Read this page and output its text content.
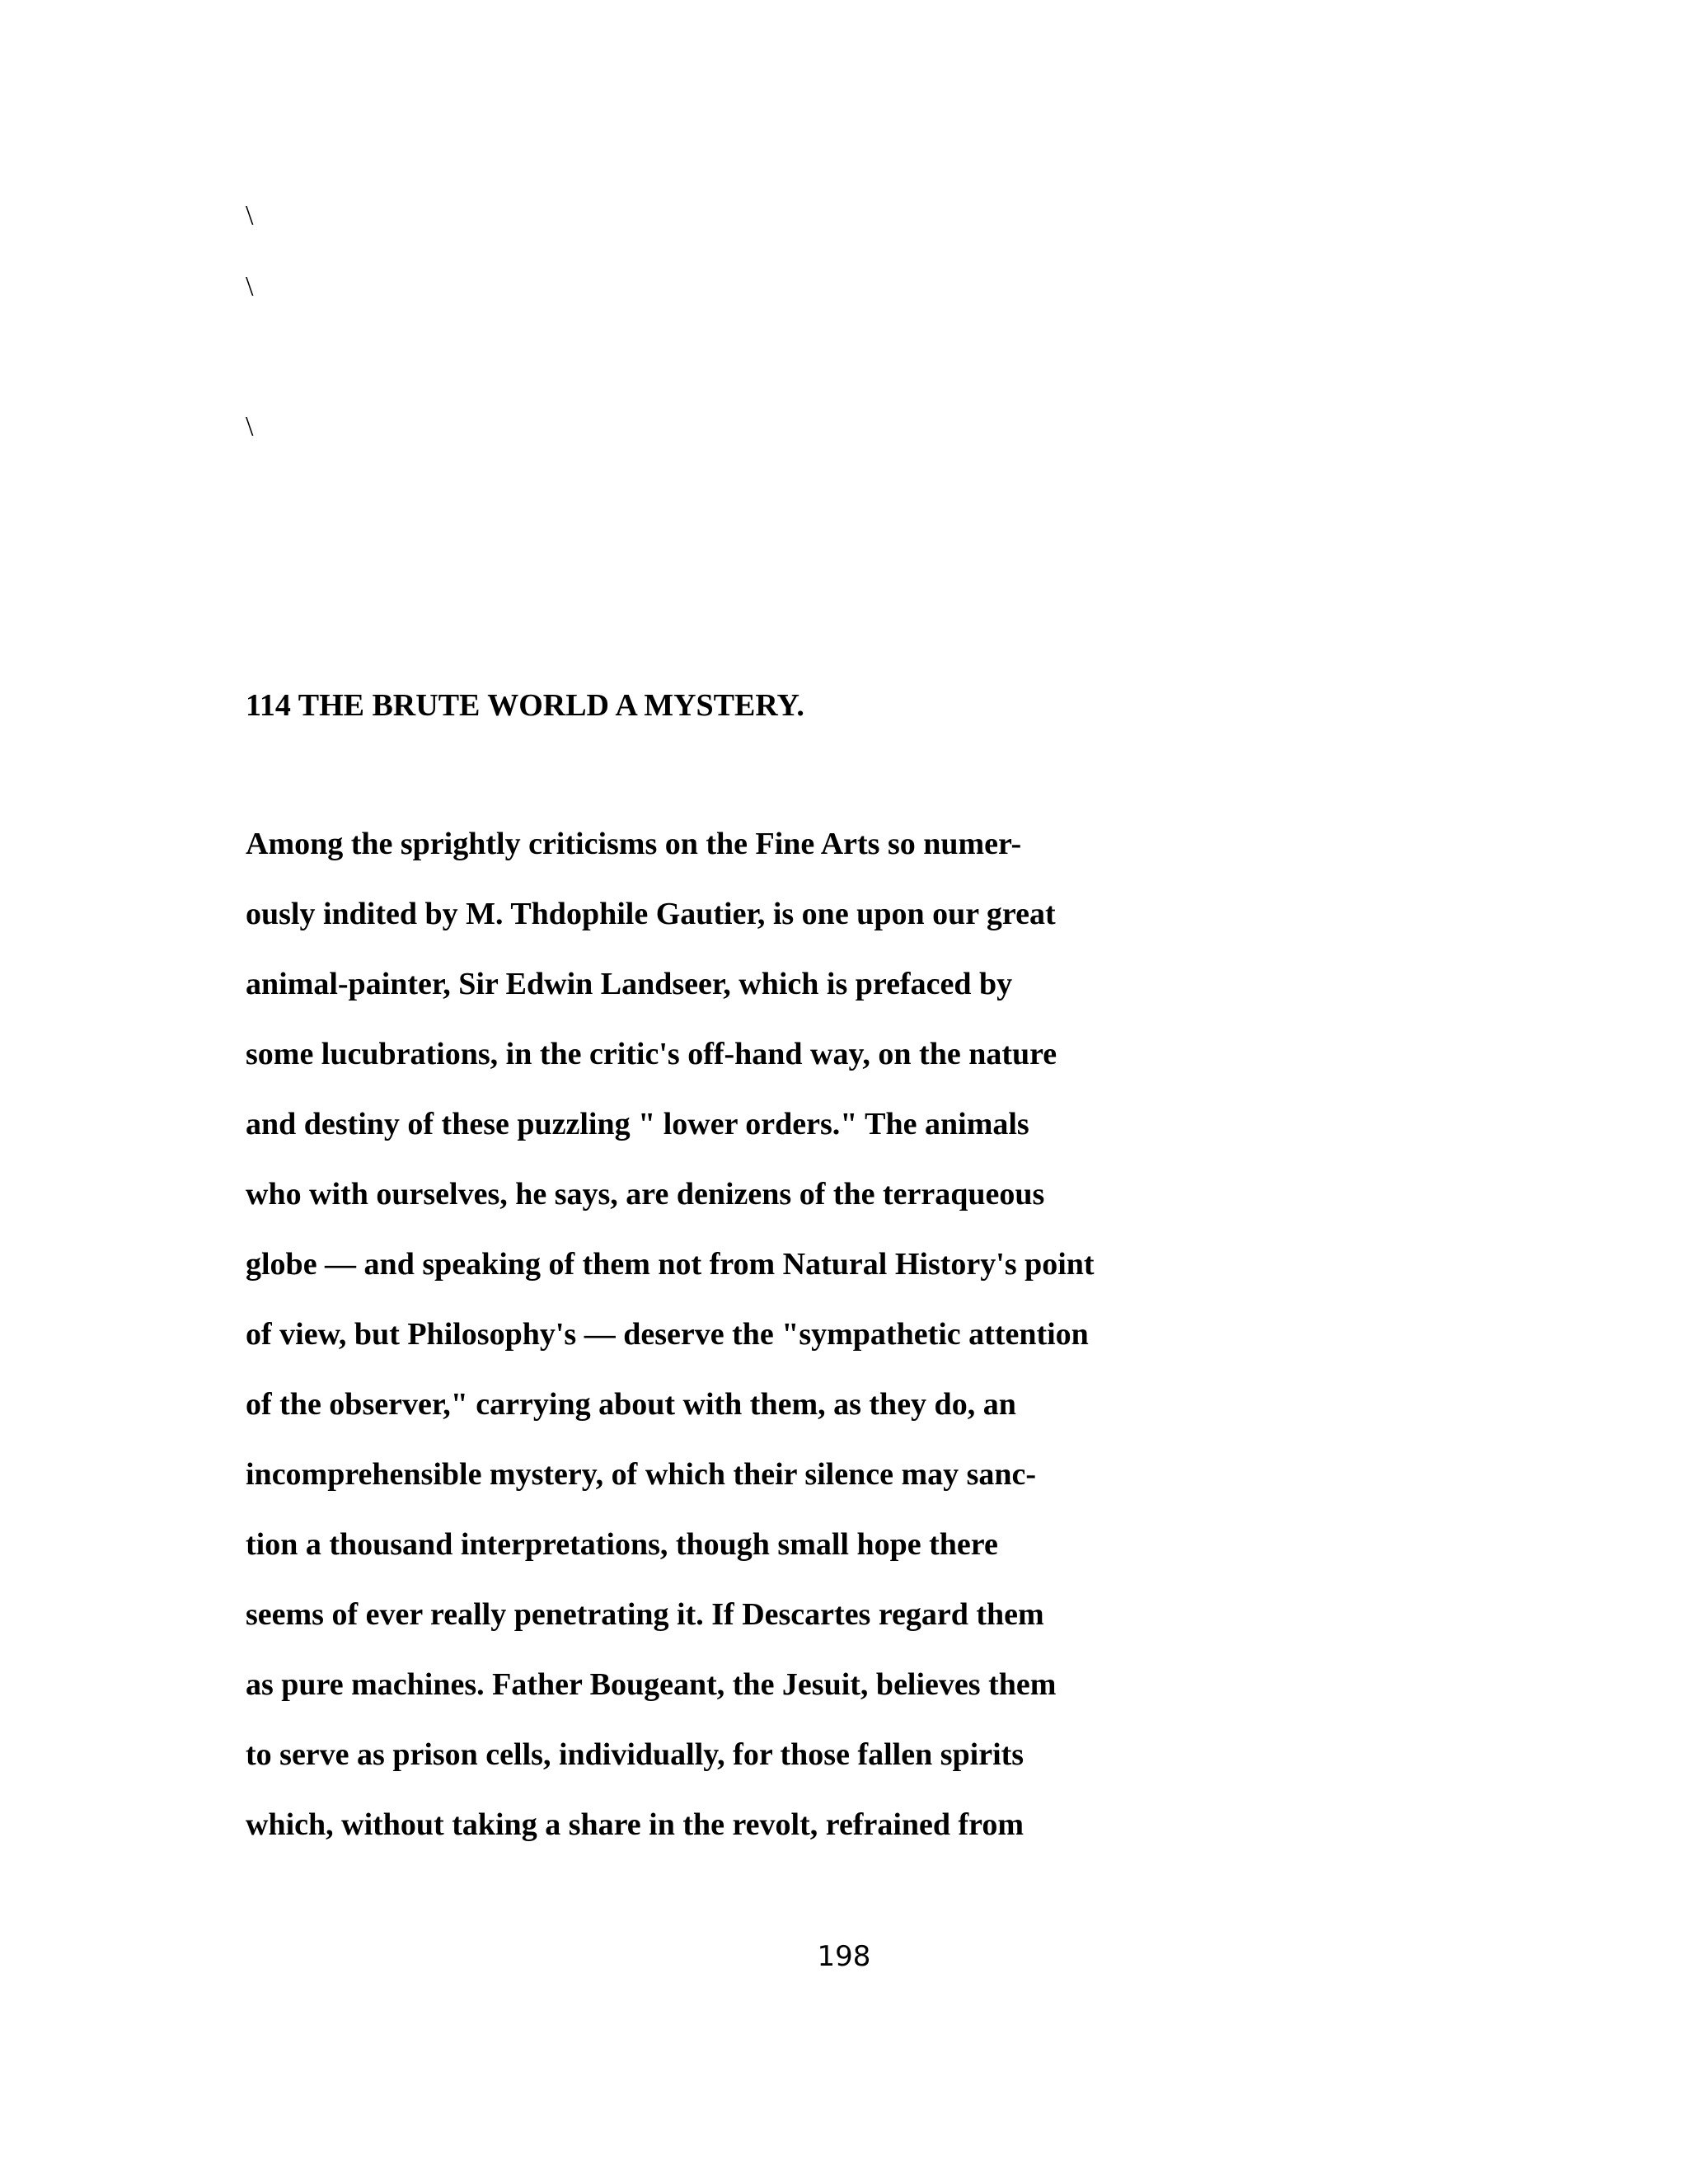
\
\
\
114 THE BRUTE WORLD A MYSTERY.
Among the sprightly criticisms on the Fine Arts so numer-
ously indited by M. Thdophile Gautier, is one upon our great
animal-painter, Sir Edwin Landseer, which is prefaced by
some lucubrations, in the critic's off-hand way, on the nature
and destiny of these puzzling " lower orders." The animals
who with ourselves, he says, are denizens of the terraqueous
globe — and speaking of them not from Natural History's point
of view, but Philosophy's — deserve the "sympathetic attention
of the observer," carrying about with them, as they do, an
incomprehensible mystery, of which their silence may sanc-
tion a thousand interpretations, though small hope there
seems of ever really penetrating it. If Descartes regard them
as pure machines. Father Bougeant, the Jesuit, believes them
to serve as prison cells, individually, for those fallen spirits
which, without taking a share in the revolt, refrained from
198
